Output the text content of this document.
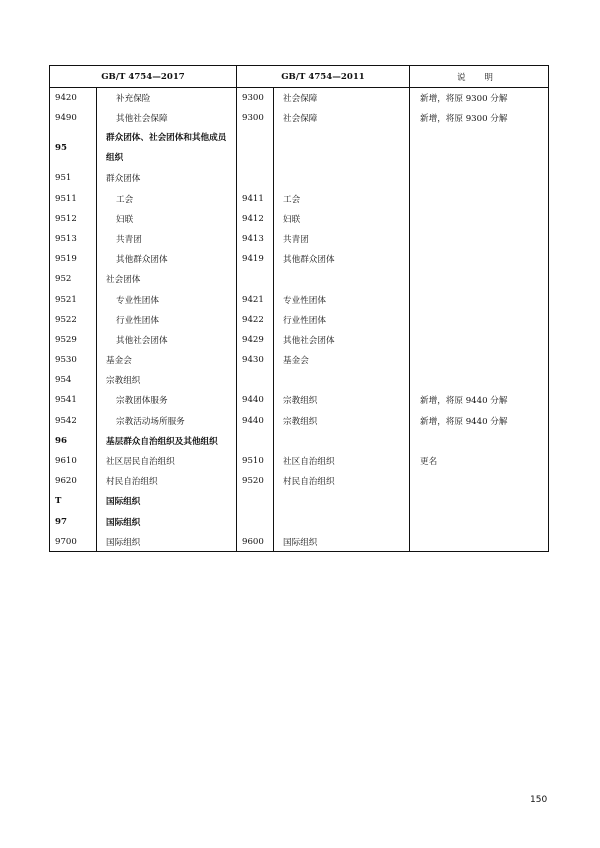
GB/T 4754—2017		GB/T 4754—2011		说 明
9420	补充保险	9300	社会保障	新增，将原 9300 分解
9490	其他社会保障	9300	社会保障	新增，将原 9300 分解
95	群众团体、社会团体和其他成员组织			
951	群众团体			
9511	工会	9411	工会	
9512	妇联	9412	妇联	
9513	共青团	9413	共青团	
9519	其他群众团体	9419	其他群众团体	
952	社会团体			
9521	专业性团体	9421	专业性团体	
9522	行业性团体	9422	行业性团体	
9529	其他社会团体	9429	其他社会团体	
9530	基金会	9430	基金会	
954	宗教组织			
9541	宗教团体服务	9440	宗教组织	新增，将原 9440 分解
9542	宗教活动场所服务	9440	宗教组织	新增，将原 9440 分解
96	基层群众自治组织及其他组织			
9610	社区居民自治组织	9510	社区自治组织	更名
9620	村民自治组织	9520	村民自治组织	
T	国际组织			
97	国际组织			
9700	国际组织	9600	国际组织	
150
